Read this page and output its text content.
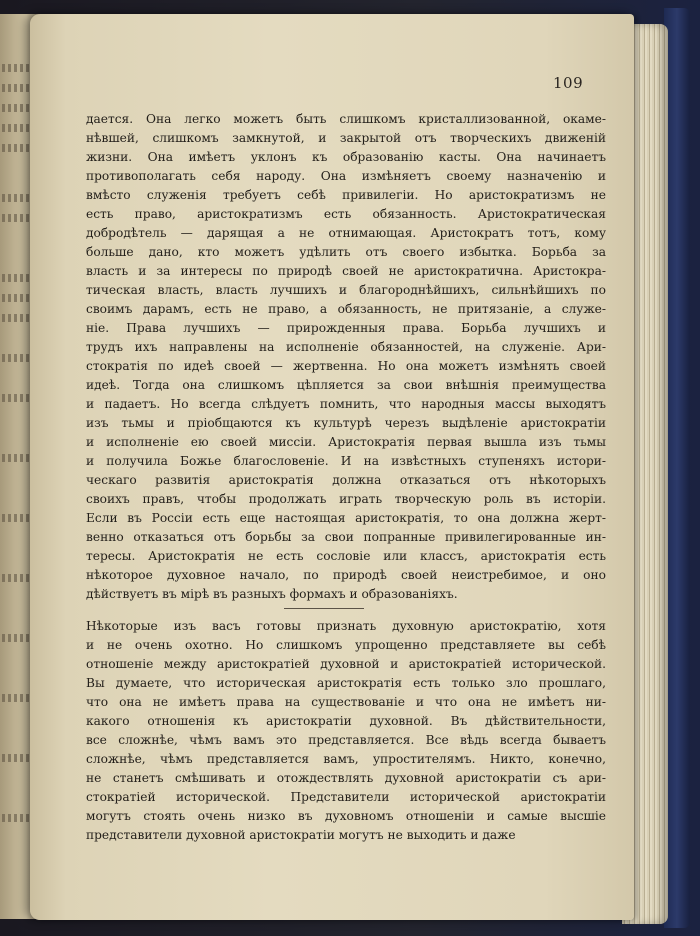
109
дается. Она легко можетъ быть слишкомъ кристаллизованной, окаме-
нѣвшей, слишкомъ замкнутой, и закрытой отъ творческихъ движеній
жизни. Она имѣетъ уклонъ къ образованію касты. Она начинаетъ
противополагать себя народу. Она измѣняетъ своему назначенію и
вмѣсто служенія требуетъ себѣ привилегіи. Но аристократизмъ не
есть право, аристократизмъ есть обязанность. Аристократическая
добродѣтель — дарящая а не отнимающая. Аристократъ тотъ, кому
больше дано, кто можетъ удѣлить отъ своего избытка. Борьба за
власть и за интересы по природѣ своей не аристократична. Аристокра-
тическая власть, власть лучшихъ и благороднѣйшихъ, сильнѣйшихъ по
своимъ дарамъ, есть не право, а обязанность, не притязаніе, а служе-
ніе. Права лучшихъ — прирожденныя права. Борьба лучшихъ и
трудъ ихъ направлены на исполненіе обязанностей, на служеніе. Ари-
стократія по идеѣ своей — жертвенна. Но она можетъ измѣнять своей
идеѣ. Тогда она слишкомъ цѣпляется за свои внѣшнія преимущества
и падаетъ. Но всегда слѣдуетъ помнить, что народныя массы выходятъ
изъ тьмы и пріобщаются къ культурѣ черезъ выдѣленіе аристократіи
и исполненіе ею своей миссіи. Аристократія первая вышла изъ тьмы
и получила Божье благословеніе. И на извѣстныхъ ступеняхъ истори-
ческаго развитія аристократія должна отказаться отъ нѣкоторыхъ
своихъ правъ, чтобы продолжать играть творческую роль въ исторіи.
Если въ Россіи есть еще настоящая аристократія, то она должна жерт-
венно отказаться отъ борьбы за свои попранные привилегированные ин-
тересы. Аристократія не есть сословіе или классъ, аристократія есть
нѣкоторое духовное начало, по природѣ своей неистребимое, и оно
дѣйствуетъ въ мірѣ въ разныхъ формахъ и образованіяхъ.
Нѣкоторые изъ васъ готовы признать духовную аристократію, хотя
и не очень охотно. Но слишкомъ упрощенно представляете вы себѣ
отношеніе между аристократіей духовной и аристократіей исторической.
Вы думаете, что историческая аристократія есть только зло прошлаго,
что она не имѣетъ права на существованіе и что она не имѣетъ ни-
какого отношенія къ аристократіи духовной. Въ дѣйствительности,
все сложнѣе, чѣмъ вамъ это представляется. Все вѣдь всегда бываетъ
сложнѣе, чѣмъ представляется вамъ, упростителямъ. Никто, конечно,
не станетъ смѣшивать и отождествлять духовной аристократіи съ ари-
стократіей исторической. Представители исторической аристократіи
могутъ стоять очень низко въ духовномъ отношеніи и самые высшіе
представители духовной аристократіи могутъ не выходить и даже
